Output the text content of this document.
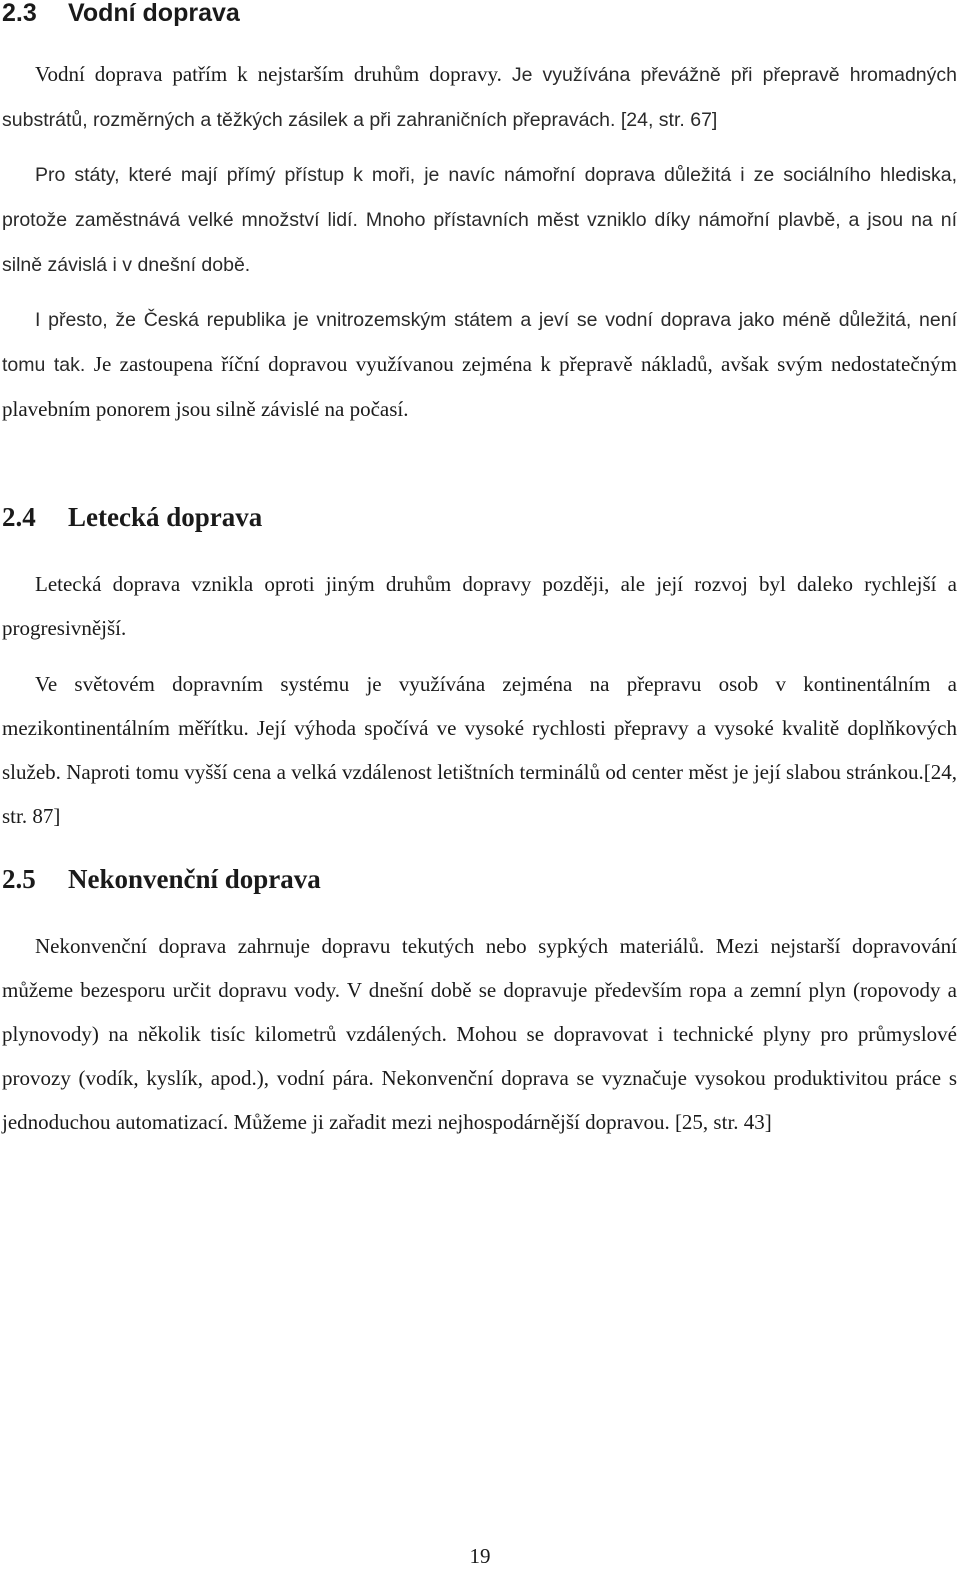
2.3 Vodní doprava

Vodní doprava patřím k nejstarším druhům dopravy. Je využívána převážně při přepravě hromadných substrátů, rozměrných a těžkých zásilek a při zahraničních přepravách. [24, str. 67]

Pro státy, které mají přímý přístup k moři, je navíc námořní doprava důležitá i ze sociálního hlediska, protože zaměstnává velké množství lidí. Mnoho přístavních měst vzniklo díky námořní plavbě, a jsou na ní silně závislá i v dnešní době.

I přesto, že Česká republika je vnitrozemským státem a jeví se vodní doprava jako méně důležitá, není tomu tak. Je zastoupena říční dopravou využívanou zejména k přepravě nákladů, avšak svým nedostatečným plavebním ponorem jsou silně závislé na počasí.

2.4 Letecká doprava

Letecká doprava vznikla oproti jiným druhům dopravy později, ale její rozvoj byl daleko rychlejší a progresivnější.

Ve světovém dopravním systému je využívána zejména na přepravu osob v kontinentálním a mezikontinentálním měřítku. Její výhoda spočívá ve vysoké rychlosti přepravy a vysoké kvalitě doplňkových služeb. Naproti tomu vyšší cena a velká vzdálenost letištních terminálů od center měst je její slabou stránkou.[24, str. 87]

2.5 Nekonvenční doprava

Nekonvenční doprava zahrnuje dopravu tekutých nebo sypkých materiálů. Mezi nejstarší dopravování můžeme bezesporu určit dopravu vody. V dnešní době se dopravuje především ropa a zemní plyn (ropovody a plynovody) na několik tisíc kilometrů vzdálených. Mohou se dopravovat i technické plyny pro průmyslové provozy (vodík, kyslík, apod.), vodní pára. Nekonvenční doprava se vyznačuje vysokou produktivitou práce s jednoduchou automatizací. Můžeme ji zařadit mezi nejhospodárnější dopravou. [25, str. 43]

19
